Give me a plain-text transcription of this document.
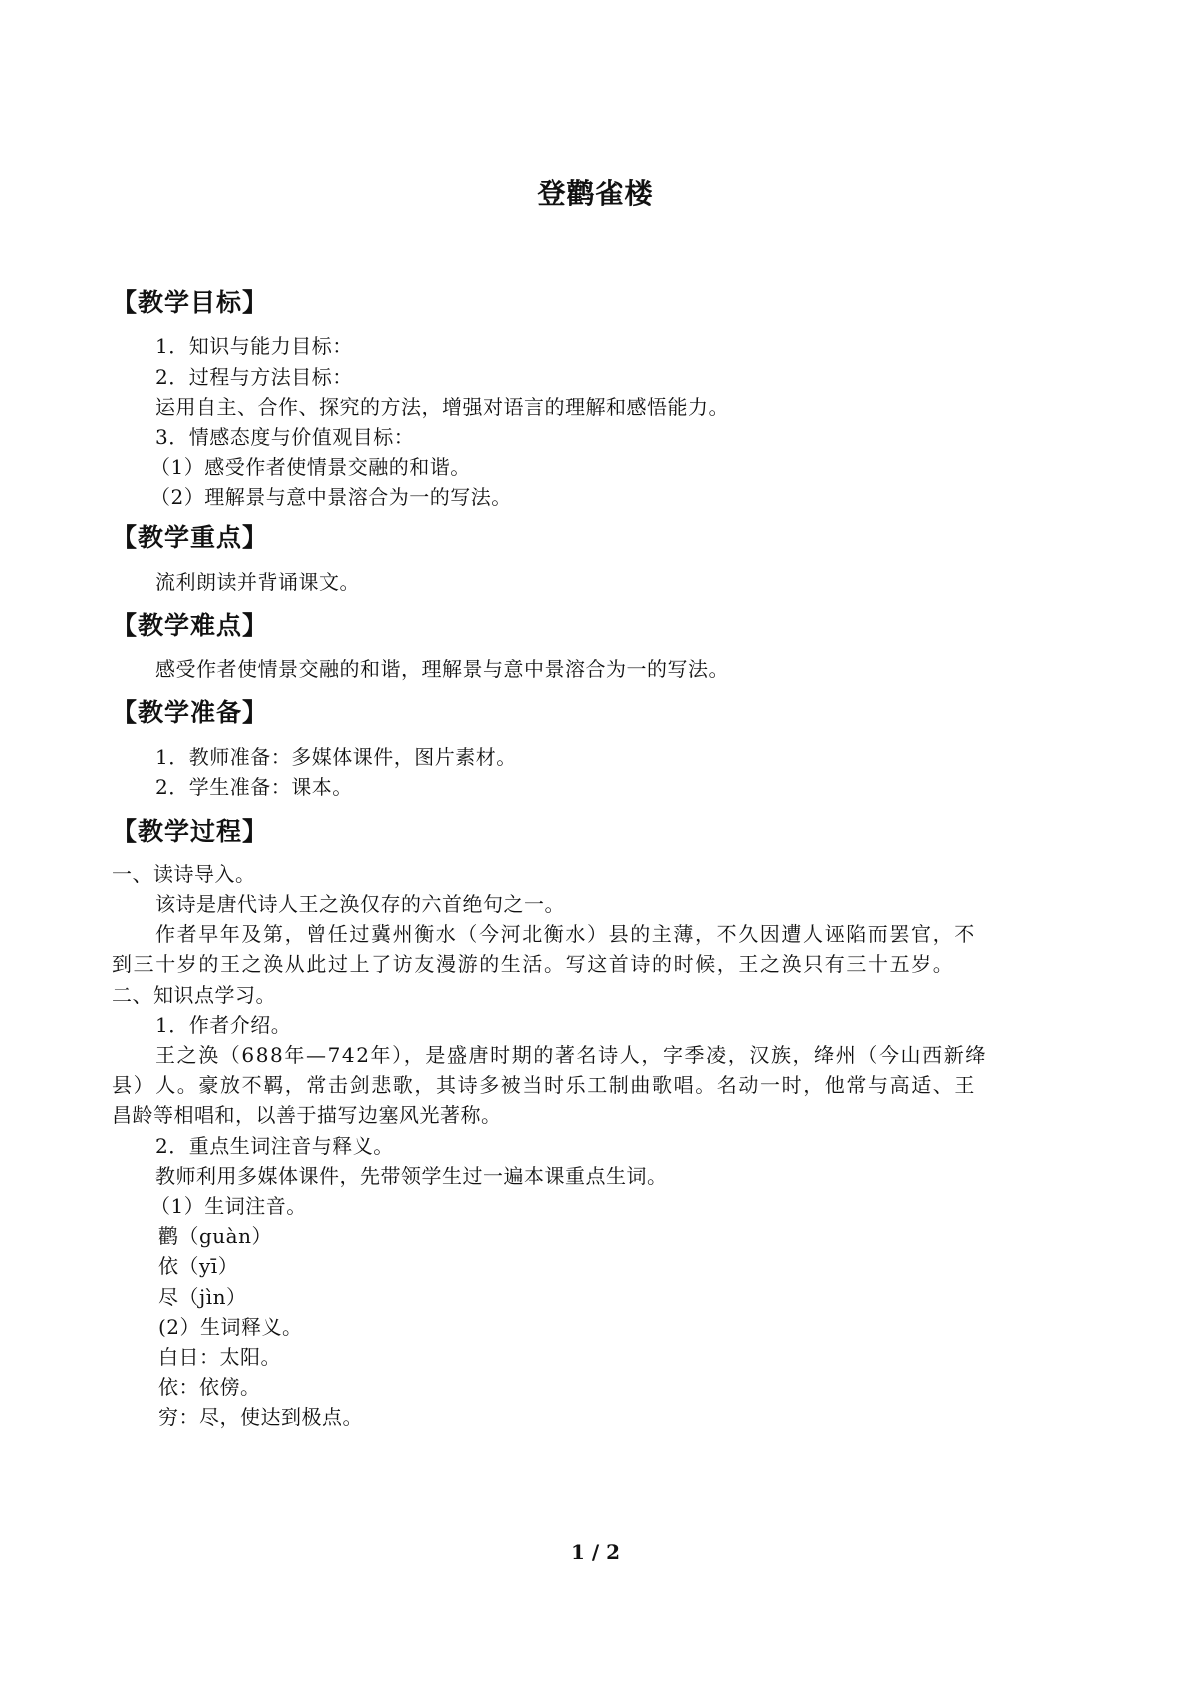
登鹳雀楼
【教学目标】
1．知识与能力目标：
2．过程与方法目标：
运用自主、合作、探究的方法，增强对语言的理解和感悟能力。
3．情感态度与价值观目标：
（1）感受作者使情景交融的和谐。
（2）理解景与意中景溶合为一的写法。
【教学重点】
流利朗读并背诵课文。
【教学难点】
感受作者使情景交融的和谐，理解景与意中景溶合为一的写法。
【教学准备】
1．教师准备：多媒体课件，图片素材。
2．学生准备：课本。
【教学过程】
一、读诗导入。
该诗是唐代诗人王之涣仅存的六首绝句之一。
作者早年及第，曾任过冀州衡水（今河北衡水）县的主薄，不久因遭人诬陷而罢官，不
到三十岁的王之涣从此过上了访友漫游的生活。写这首诗的时候，王之涣只有三十五岁。
二、知识点学习。
1．作者介绍。
王之涣（688年—742年），是盛唐时期的著名诗人，字季凌，汉族，绛州（今山西新绛
县）人。豪放不羁，常击剑悲歌，其诗多被当时乐工制曲歌唱。名动一时，他常与高适、王
昌龄等相唱和，以善于描写边塞风光著称。
2．重点生词注音与释义。
教师利用多媒体课件，先带领学生过一遍本课重点生词。
（1）生词注音。
鹳（guàn）
依（yī）
尽（jìn）
(2）生词释义。
白日：太阳。
依：依傍。
穷：尽，使达到极点。
1 / 2
